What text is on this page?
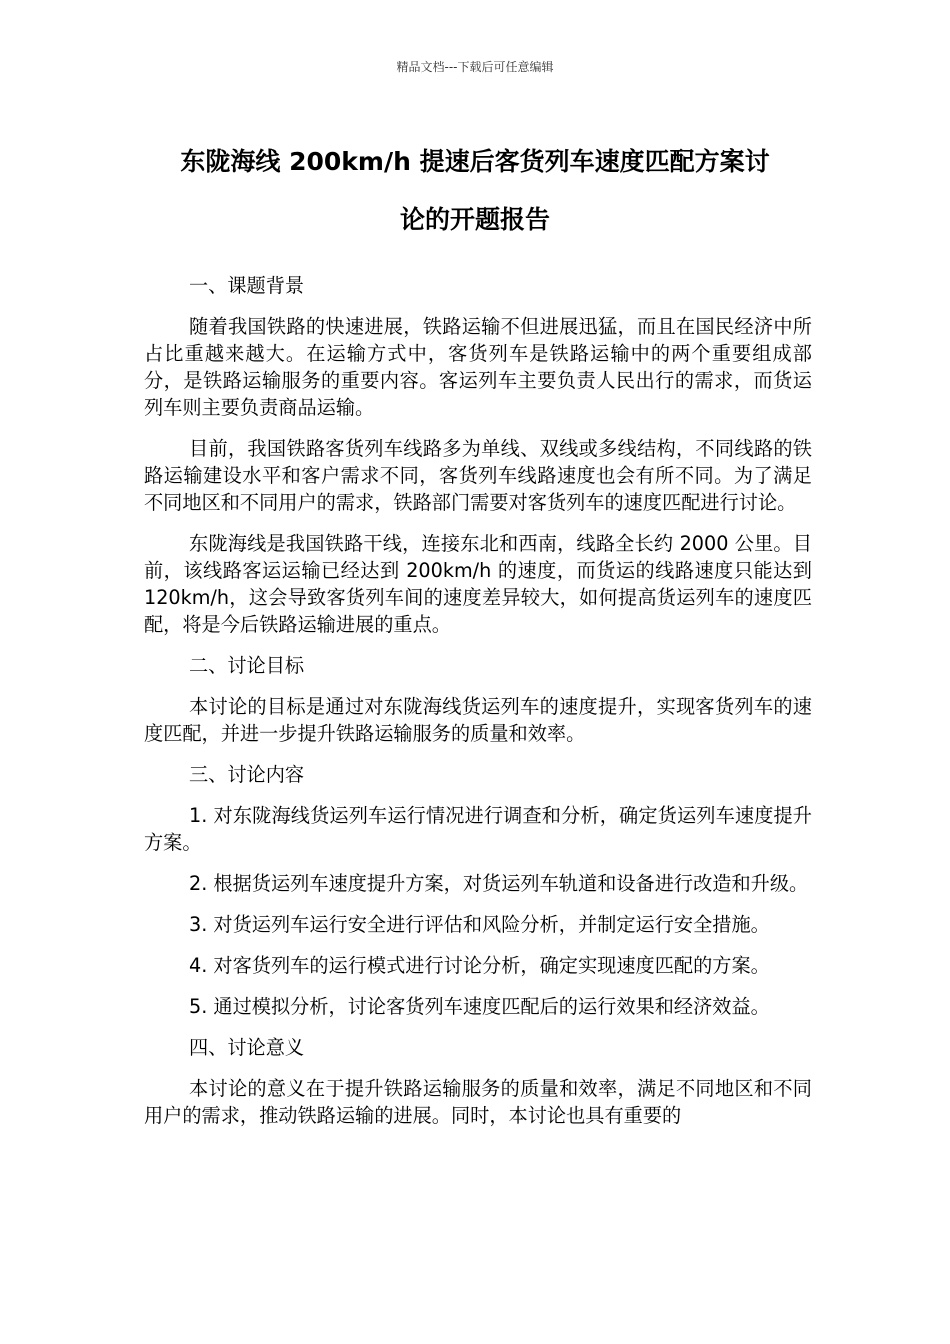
精品文档---下载后可任意编辑
东陇海线 200km/h 提速后客货列车速度匹配方案讨
论的开题报告

一、课题背景

随着我国铁路的快速进展，铁路运输不但进展迅猛，而且在国民经济中所占比重越来越大。在运输方式中，客货列车是铁路运输中的两个重要组成部分，是铁路运输服务的重要内容。客运列车主要负责人民出行的需求，而货运列车则主要负责商品运输。

目前，我国铁路客货列车线路多为单线、双线或多线结构，不同线路的铁路运输建设水平和客户需求不同，客货列车线路速度也会有所不同。为了满足不同地区和不同用户的需求，铁路部门需要对客货列车的速度匹配进行讨论。

东陇海线是我国铁路干线，连接东北和西南，线路全长约 2000 公里。目前，该线路客运运输已经达到 200km/h 的速度，而货运的线路速度只能达到 120km/h，这会导致客货列车间的速度差异较大，如何提高货运列车的速度匹配，将是今后铁路运输进展的重点。

二、讨论目标

本讨论的目标是通过对东陇海线货运列车的速度提升，实现客货列车的速度匹配，并进一步提升铁路运输服务的质量和效率。

三、讨论内容

1. 对东陇海线货运列车运行情况进行调查和分析，确定货运列车速度提升方案。

2. 根据货运列车速度提升方案，对货运列车轨道和设备进行改造和升级。

3. 对货运列车运行安全进行评估和风险分析，并制定运行安全措施。

4. 对客货列车的运行模式进行讨论分析，确定实现速度匹配的方案。

5. 通过模拟分析，讨论客货列车速度匹配后的运行效果和经济效益。

四、讨论意义

本讨论的意义在于提升铁路运输服务的质量和效率，满足不同地区和不同用户的需求，推动铁路运输的进展。同时，本讨论也具有重要的
